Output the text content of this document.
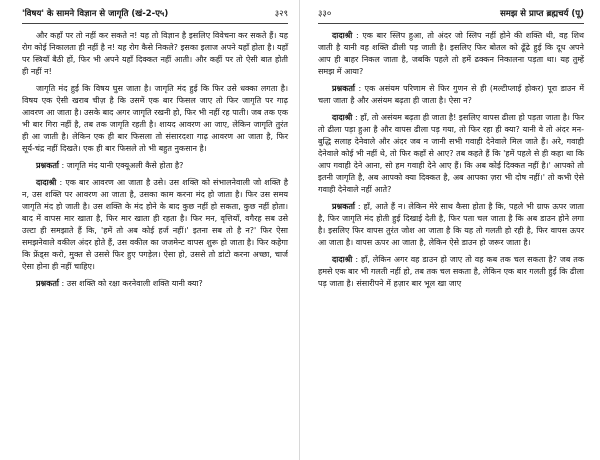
'विषय' के सामने विज्ञान से जागृति (खं-2-ए५)	३२९

और कहाँ पर तो नहीं कर सकते न! यह तो विज्ञान है इसलिए विवेचना कर सकते हैं। यह रोग कोई निकालता ही नहीं है न! यह रोग कैसे निकले? इसका इलाज अपने यहाँ होता है। यहाँ पर स्त्रियाँ बैठी हों, फिर भी अपने यहाँ दिक्कत नहीं आती। और कहीं पर तो ऐसी बात होती ही नहीं न!

जागृति मंद हुई कि विषय घुस जाता है। जागृति मंद हुई कि फिर उसे धक्का लगता है। विषय एक ऐसी खराब चीज़ है कि उसमें एक बार फिसल जाए तो फिर जागृति पर गाढ़ आवरण आ जाता है। उसके बाद अगर जागृति रखनी हो, फिर भी नहीं रह पाती। जब तक एक भी बार गिरा नहीं है, तब तक जागृति रहती है। शायद आवरण आ जाए, लेकिन जागृति तुरंत ही आ जाती है। लेकिन एक ही बार फिसला तो संसारदशा गाढ़ आवरण आ जाता है, फिर सूर्य-चंद्र नहीं दिखते। एक ही बार फिसले तो भी बहुत नुकसान है।

प्रश्नकर्ता : जागृति मंद यानी एक्यूअली कैसे होता है?

दादाश्री : एक बार आवरण आ जाता है उसे। उस शक्ति को संभालनेवाली जो शक्ति है न, उस शक्ति पर आवरण आ जाता है, उसका काम करना मंद हो जाता है। फिर उस समय जागृति मंद हो जाती है। उस शक्ति के मंद होने के बाद कुछ नहीं हो सकता, कुछ नहीं होता। बाद में वापस मार खाता है, फिर मार खाता ही रहता है। फिर मन, वृत्तियाँ, वगैरह सब उसे उल्टा ही समझाते हैं कि, 'हमें तो अब कोई हर्ज नहीं।' इतना सब तो है न?' फिर ऐसा समझनेवाले वकील अंदर होते हैं, उस वकील का जजमेन्ट वापस शुरू हो जाता है। फिर कहेगा कि फ्रेंड्स करो, मुक्त से उससे फिर हुए पगड़ेल। ऐसा हो, उससे तो डांटो करना अच्छा, चार्ज ऐसा होना ही नहीं चाहिए।

प्रश्नकर्ता : उस शक्ति को रक्षा करनेवाली शक्ति यानी क्या?

३३०	समझ से प्राप्त ब्रह्मचर्य (पू)

दादाश्री : एक बार स्लिप हुआ, तो अंदर जो स्लिप नहीं होने की शक्ति थी, वह शिथ जाती है यानी वह शक्ति ढीली पड़ जाती है। इसलिए फिर बोतल को ढूँढे हुई कि दूध अपने आप ही बाहर निकल जाता है, जबकि पहले तो हमें ढक्कन निकालना पड़ता था। यह तुम्हें समझ में आया?

प्रश्नकर्ता : एक असंयम परिणाम से फिर गुणन से ही (मल्टीप्लाई होकर) पूरा डाउन में चला जाता है और असंयम बढ़ता ही जाता है। ऐसा न?

दादाश्री : हाँ, तो असंयम बढ़ता ही जाता है! इसलिए वापस ढीला हो पड़ता जाता है। फिर तो ढीला पड़ा हुआ है और वापस ढीला पड़ गया, तो फिर रहा ही क्या? यानी वे तो अंदर मन-बुद्धि सलाह देनेवाले और अंदर जब न जानी सभी गवाही देनेवाले मिल जाते हैं। अरे, गवाही देनेवाले कोई भी नहीं थे, तो फिर कहाँ से आए? तब कहते हैं कि 'हमें पहले से ही कहा था कि आप गवाही देने आना, सो हम गवाही देने आए हैं। कि अब कोई दिक्कत नहीं है।' आपको तो इतनी जागृति है, अब आपको क्या दिक्कत है, अब आपका ज़रा भी दोष नहीं।' तो कभी ऐसे गवाही देनेवाले नहीं आते?

प्रश्नकर्ता : हाँ, आते हैं न। लेकिन मेरे साथ कैसा होता है कि, पहले भी ग्राफ ऊपर जाता है, फिर जागृति मंद होती हुई दिखाई देती है, फिर पता चल जाता है कि अब डाउन होने लगा है। इसलिए फिर वापस तुरंत जोश आ जाता है कि यह तो गलती हो रही है, फिर वापस ऊपर आ जाता है। वापस ऊपर आ जाता है, लेकिन ऐसे डाउन हो जरूर जाता है।

दादाश्री : हाँ, लेकिन अगर वह डाउन हो जाए तो वह कब तक चल सकता है? जब तक हमसे एक बार भी गलती नहीं हो, तब तक चल सकता है, लेकिन एक बार गलती हुई कि ढीला पड़ जाता है। संसारीपने में हज़ार बार भूल खा जाए
